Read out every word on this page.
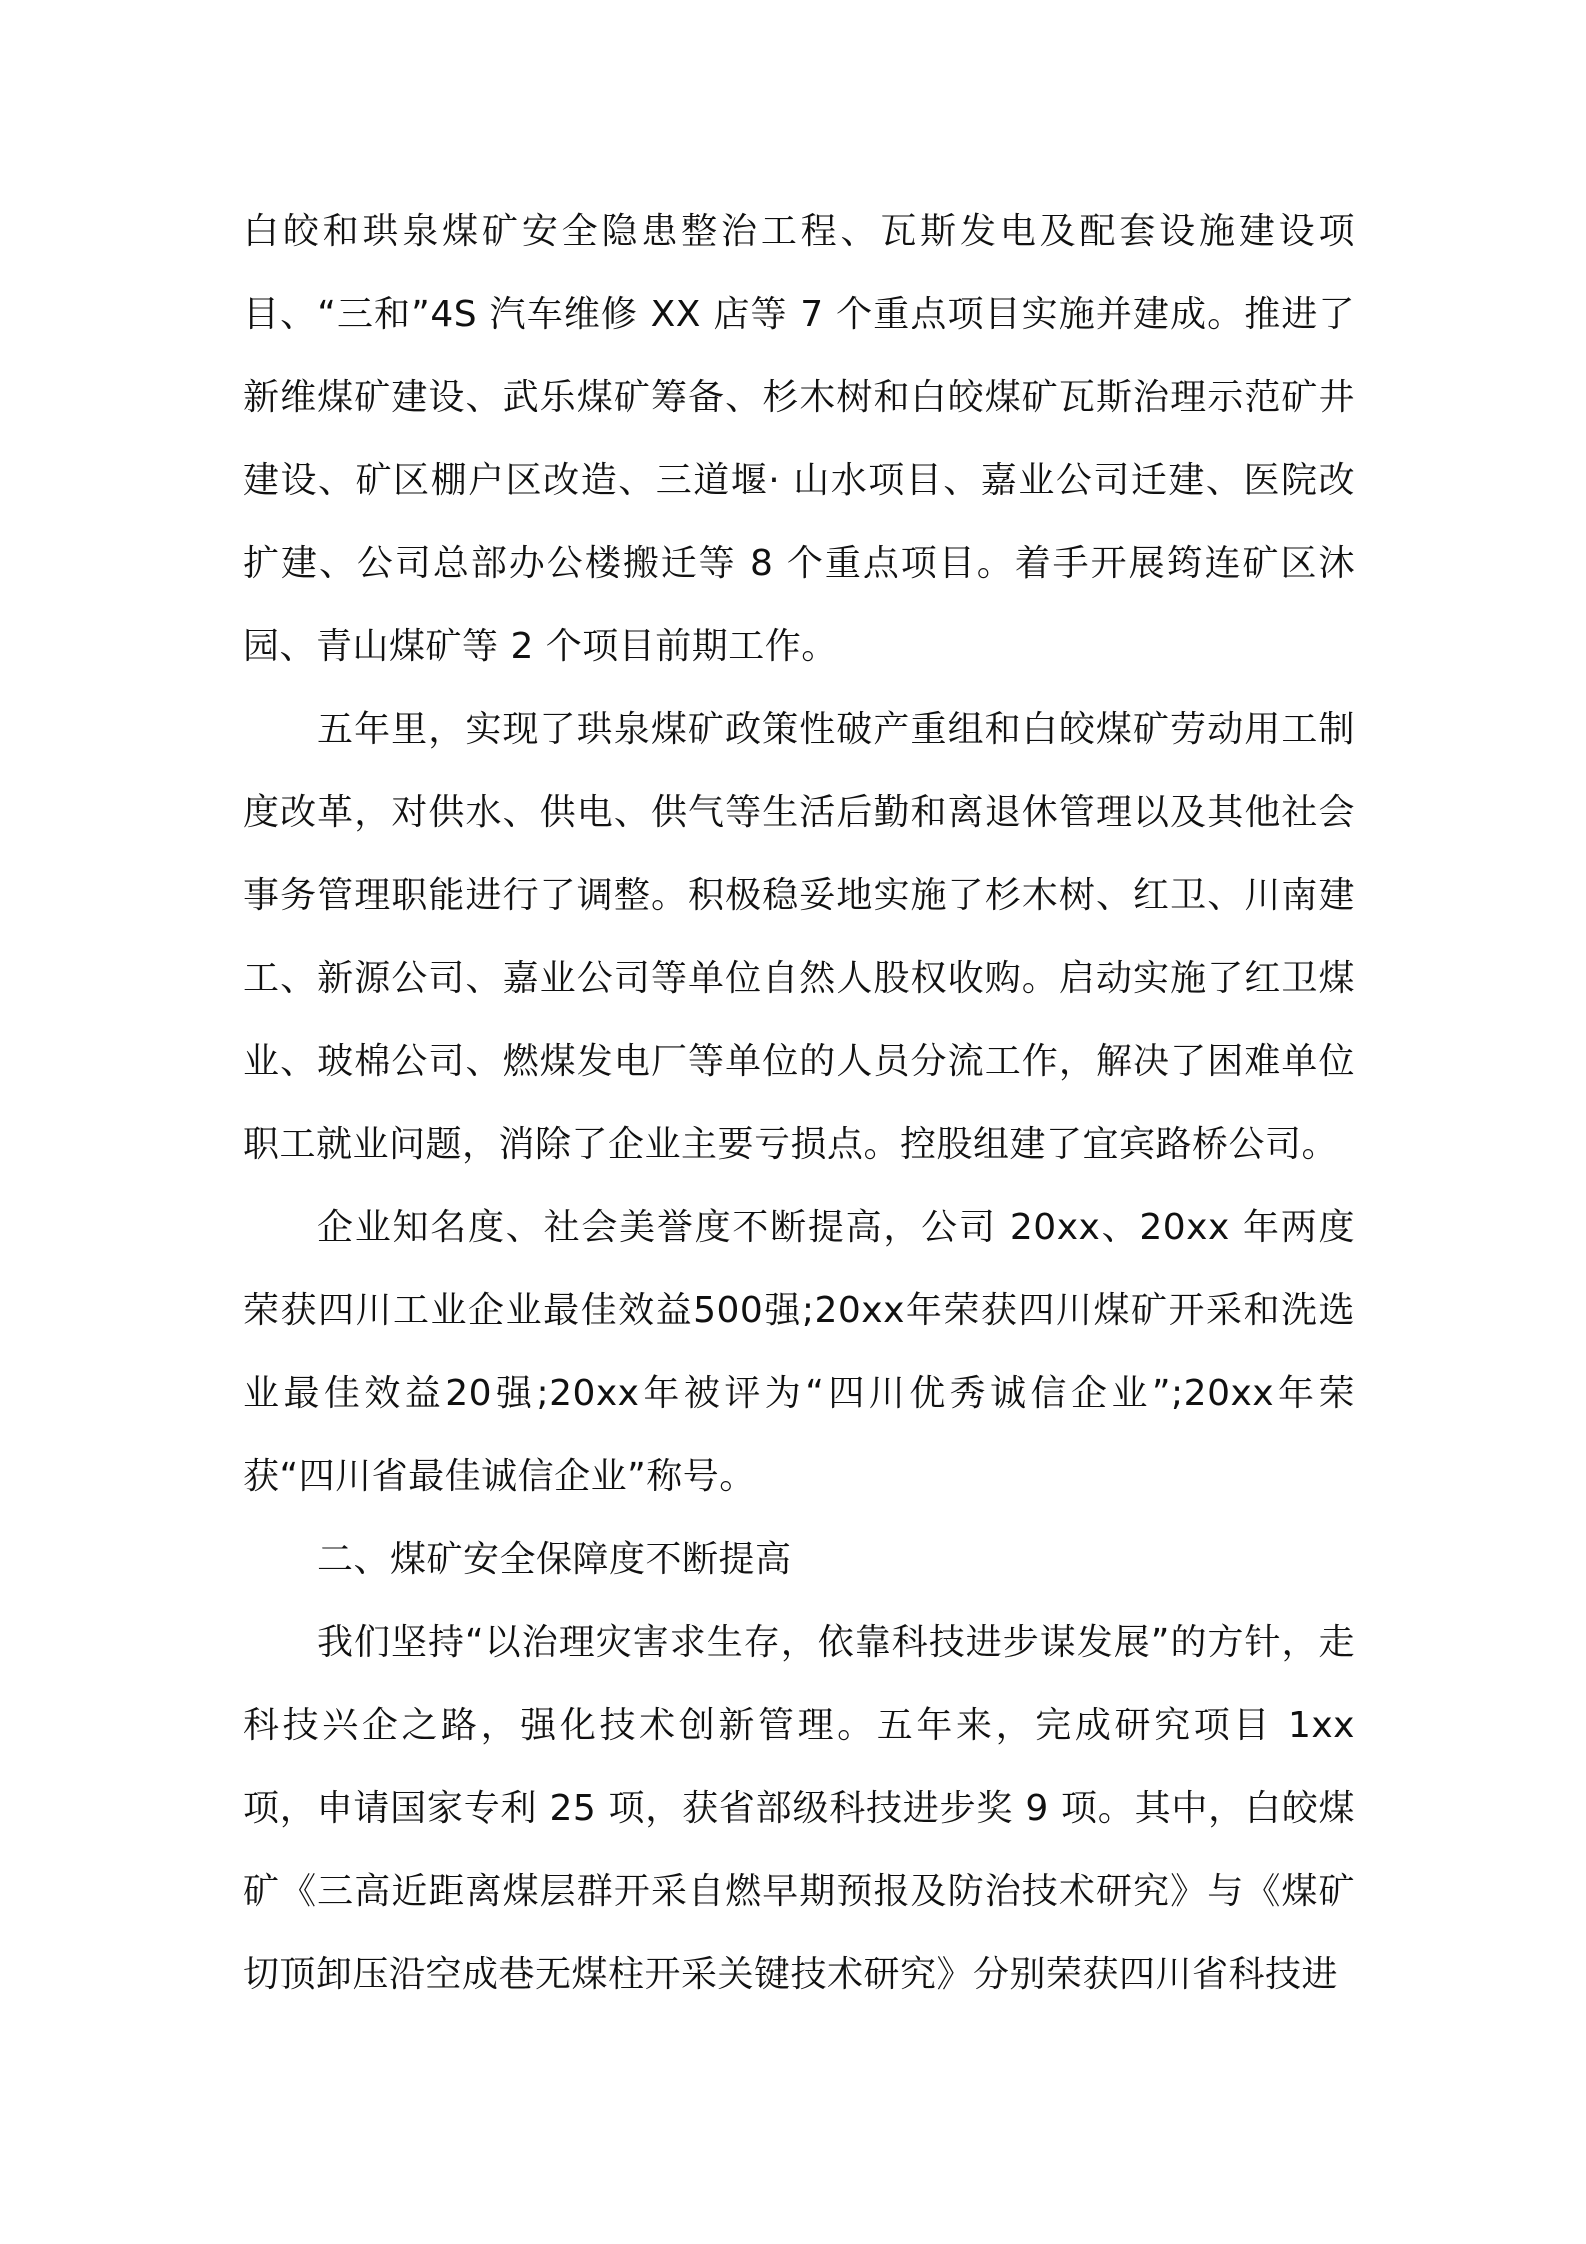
白皎和珙泉煤矿安全隐患整治工程、瓦斯发电及配套设施建设项目、“三和”4S 汽车维修 XX 店等 7 个重点项目实施并建成。推进了新维煤矿建设、武乐煤矿筹备、杉木树和白皎煤矿瓦斯治理示范矿井建设、矿区棚户区改造、三道堰· 山水项目、嘉业公司迁建、医院改扩建、公司总部办公楼搬迁等 8 个重点项目。着手开展筠连矿区沐园、青山煤矿等 2 个项目前期工作。

五年里，实现了珙泉煤矿政策性破产重组和白皎煤矿劳动用工制度改革，对供水、供电、供气等生活后勤和离退休管理以及其他社会事务管理职能进行了调整。积极稳妥地实施了杉木树、红卫、川南建工、新源公司、嘉业公司等单位自然人股权收购。启动实施了红卫煤业、玻棉公司、燃煤发电厂等单位的人员分流工作，解决了困难单位职工就业问题，消除了企业主要亏损点。控股组建了宜宾路桥公司。

企业知名度、社会美誉度不断提高，公司 20xx、20xx 年两度荣获四川工业企业最佳效益500强;20xx年荣获四川煤矿开采和洗选业最佳效益20强;20xx年被评为“四川优秀诚信企业”;20xx年荣获“四川省最佳诚信企业”称号。

二、煤矿安全保障度不断提高

我们坚持“以治理灾害求生存，依靠科技进步谋发展”的方针，走科技兴企之路，强化技术创新管理。五年来，完成研究项目 1xx 项，申请国家专利 25 项，获省部级科技进步奖 9 项。其中，白皎煤矿《三高近距离煤层群开采自燃早期预报及防治技术研究》与《煤矿切顶卸压沿空成巷无煤柱开采关键技术研究》分别荣获四川省科技进
